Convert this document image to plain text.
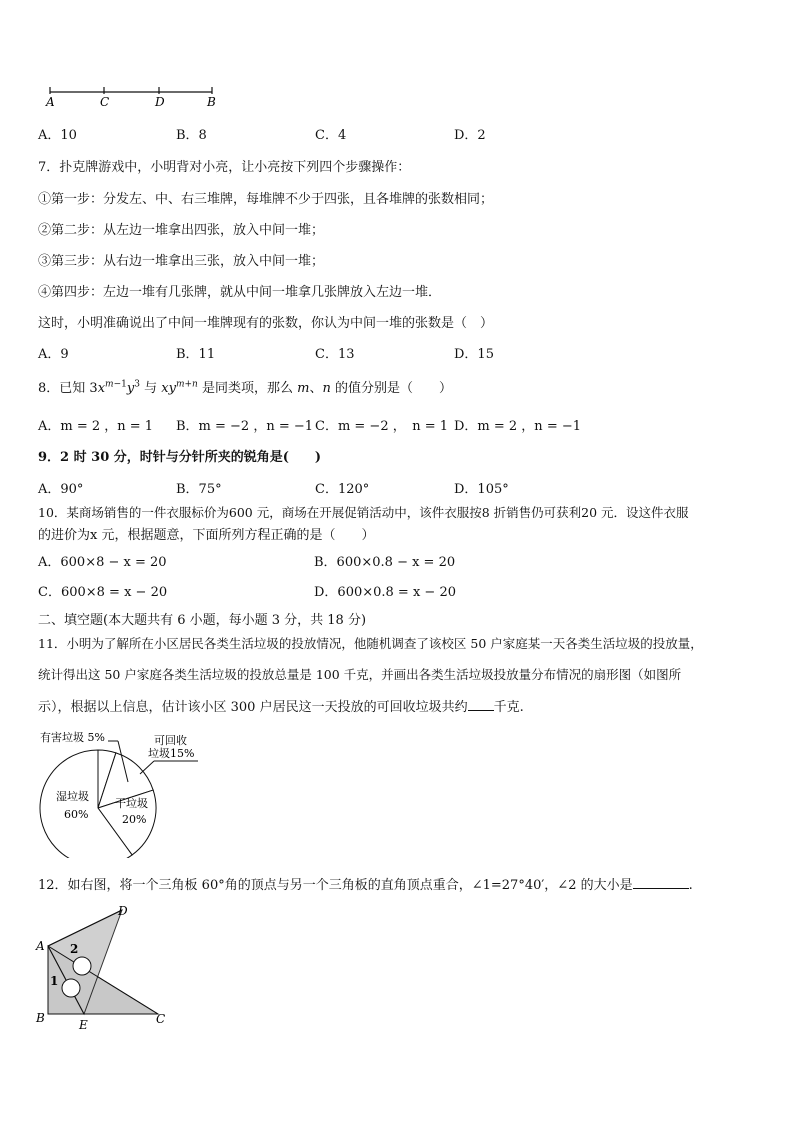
A	C	D	B
A．10	B．8	C．4	D．2
7．扑克牌游戏中，小明背对小亮，让小亮按下列四个步骤操作：
①第一步：分发左、中、右三堆牌，每堆牌不少于四张，且各堆牌的张数相同；
②第二步：从左边一堆拿出四张，放入中间一堆；
③第三步：从右边一堆拿出三张，放入中间一堆；
④第四步：左边一堆有几张牌，就从中间一堆拿几张牌放入左边一堆．
这时，小明准确说出了中间一堆牌现有的张数，你认为中间一堆的张数是（　）
A．9	B．11	C．13	D．15
8．已知 $3x^{m-1}y^3$ 与 $xy^{m+n}$ 是同类项，那么 m、n 的值分别是（　　）
A．m = 2 ，n = 1 B．m = −2 ，n = −1 C．m = −2 ，　n = 1 D．m = 2 ，n = −1
9．2 时 30 分，时针与分针所夹的锐角是(　　)
A．90°	B．75°	C．120°	D．105°
10．某商场销售的一件衣服标价为600 元，商场在开展促销活动中，该件衣服按8 折销售仍可获利20 元．设这件衣服
的进价为x 元，根据题意，下面所列方程正确的是（　　）
A．600×8 − x = 20	B．600×0.8 − x = 20
C．600×8 = x − 20	D．600×0.8 = x − 20
二、填空题(本大题共有 6 小题，每小题 3 分，共 18 分)
11．小明为了解所在小区居民各类生活垃圾的投放情况，他随机调查了该校区 50 户家庭某一天各类生活垃圾的投放量，
统计得出这 50 户家庭各类生活垃圾的投放总量是 100 千克，并画出各类生活垃圾投放量分布情况的扇形图（如图所
示），根据以上信息，估计该小区 300 户居民这一天投放的可回收垃圾共约 千克.
有害垃圾 5%	可回收
垃圾15%
干垃圾
20%
湿垃圾
60%
12．如右图，将一个三角板 60°角的顶点与另一个三角板的直角顶点重合，∠1=27°40′，∠2 的大小是	.
D
A 2
1
B	E	C
